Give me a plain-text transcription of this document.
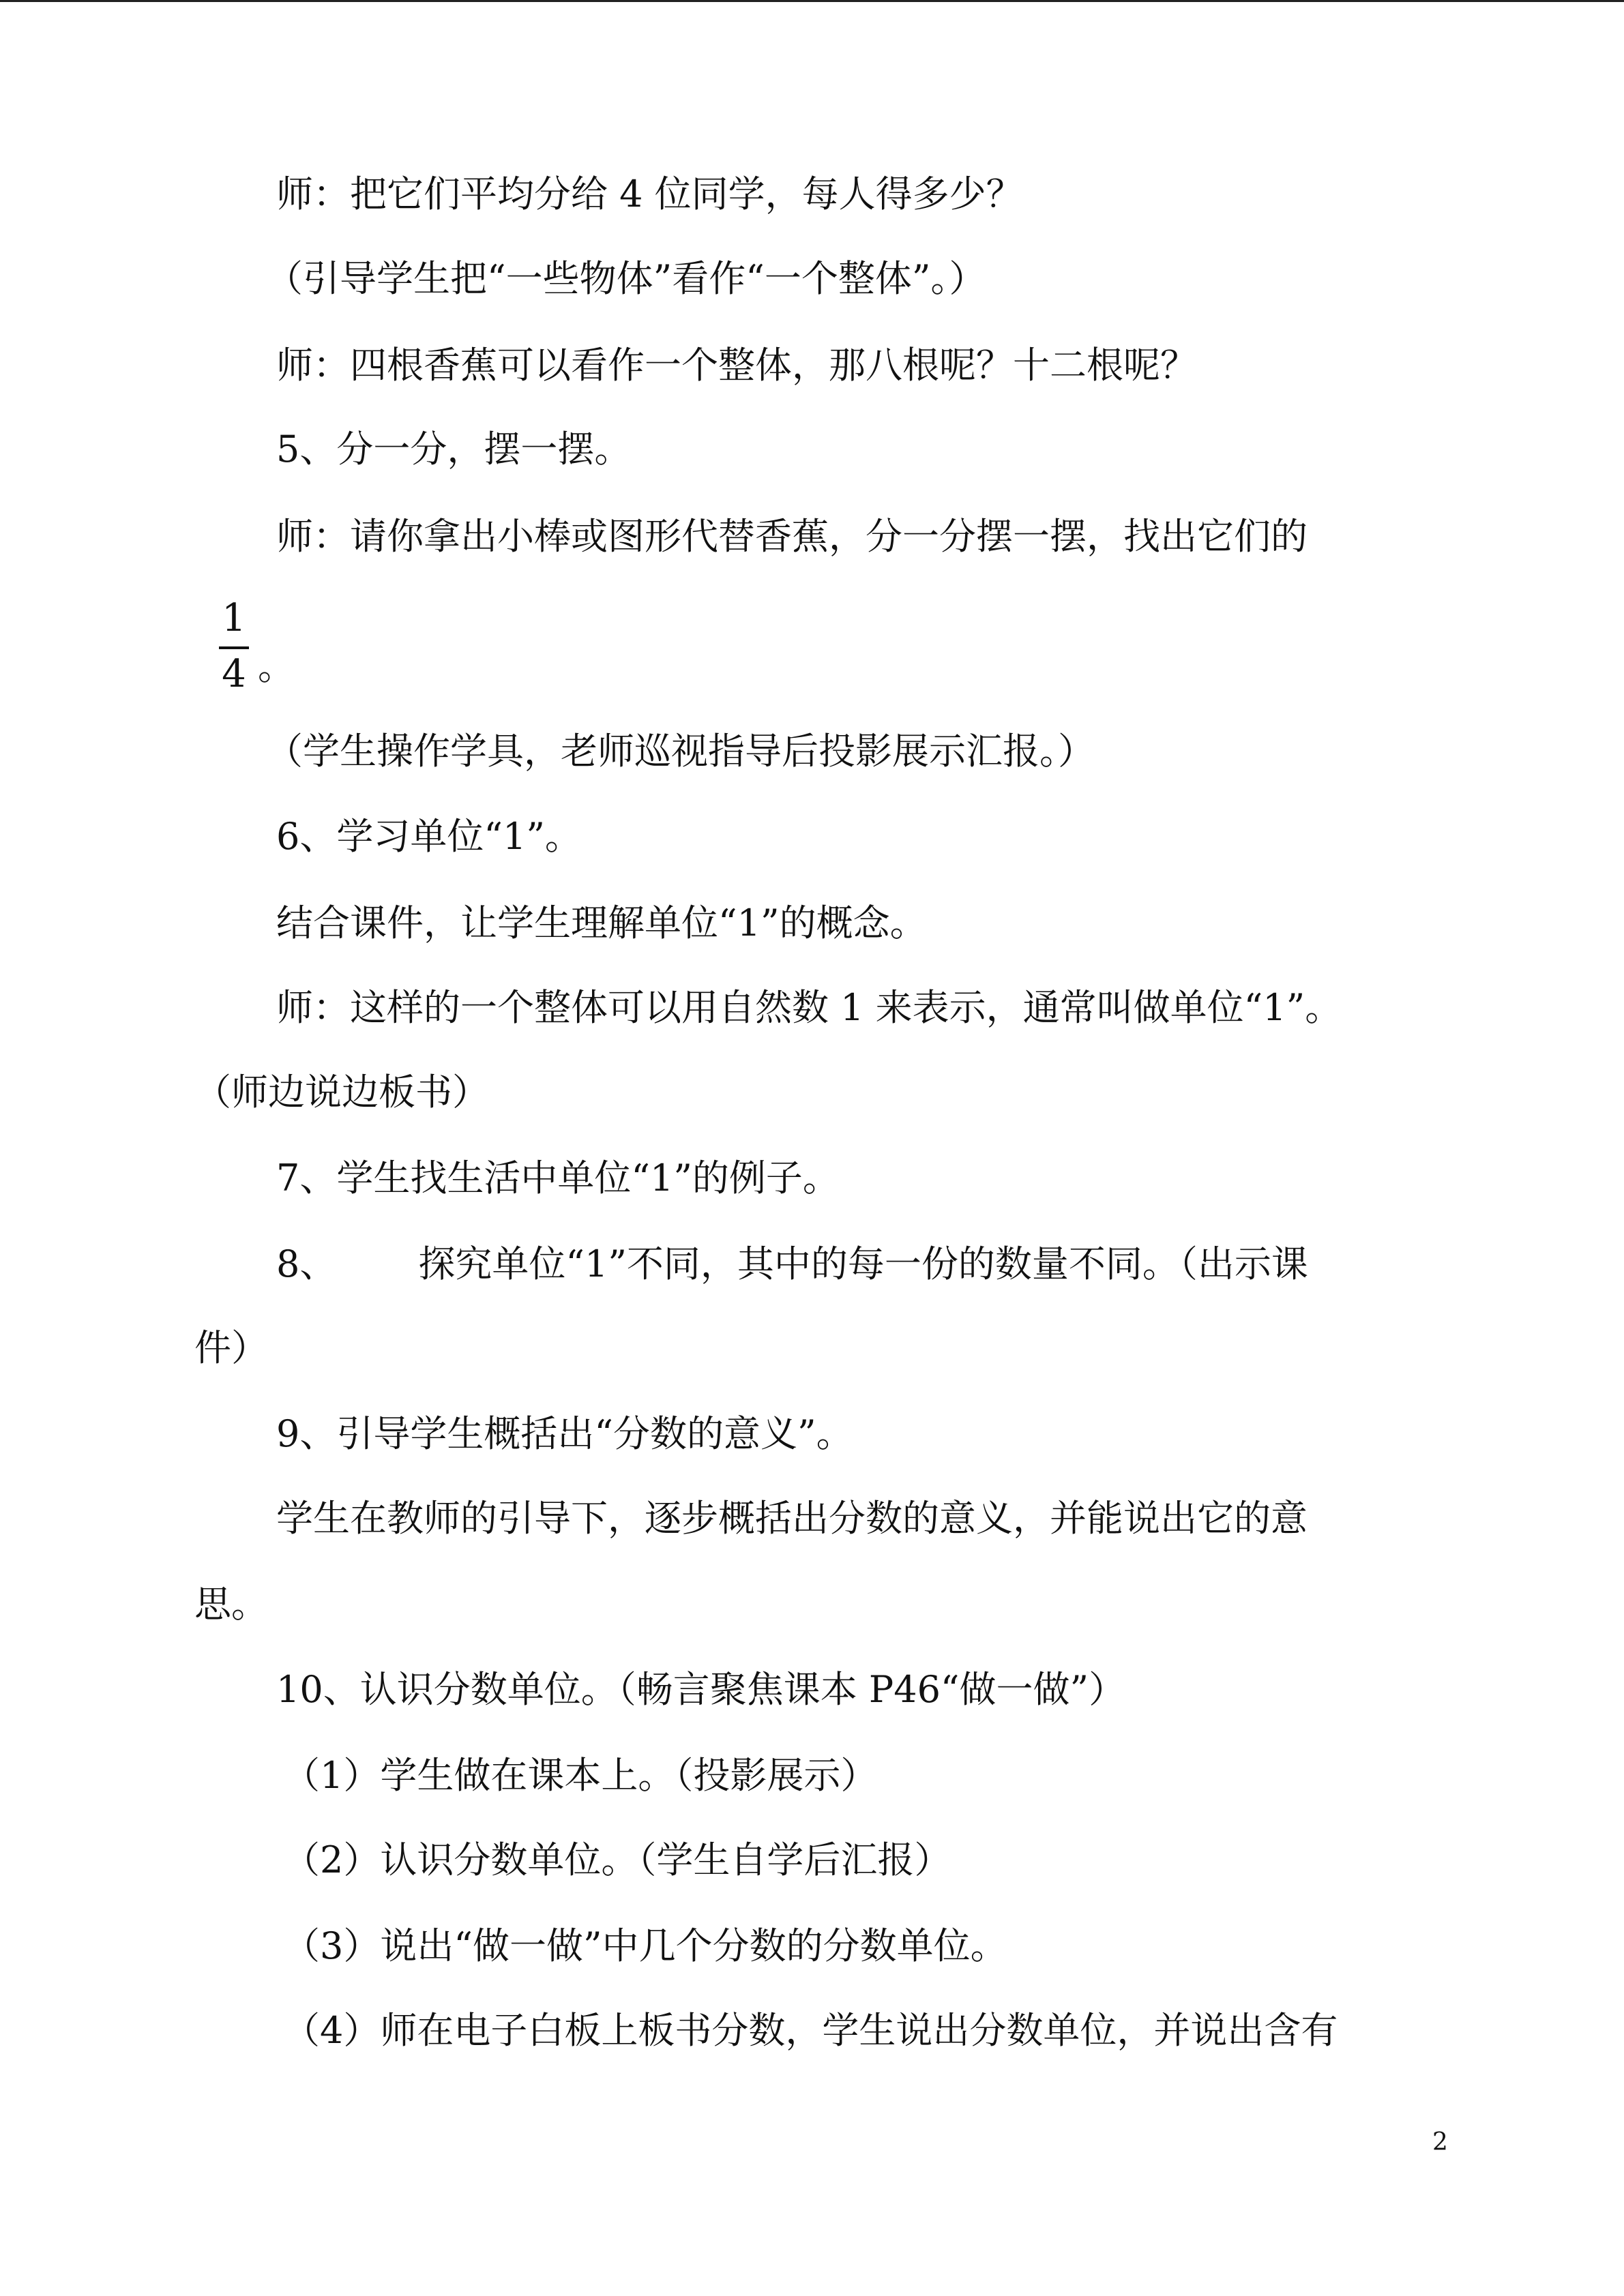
师：把它们平均分给 4 位同学，每人得多少？
（引导学生把“一些物体”看作“一个整体”。）
师：四根香蕉可以看作一个整体，那八根呢？十二根呢？
5、分一分，摆一摆。
师：请你拿出小棒或图形代替香蕉，分一分摆一摆，找出它们的
1
4 。
（学生操作学具，老师巡视指导后投影展示汇报。）
6、学习单位“1”。
结合课件，让学生理解单位“1”的概念。
师：这样的一个整体可以用自然数 1 来表示，通常叫做单位“1”。
（师边说边板书）
7、学生找生活中单位“1”的例子。
8、 探究单位“1”不同，其中的每一份的数量不同。（出示课
件）
9、引导学生概括出“分数的意义”。
学生在教师的引导下，逐步概括出分数的意义，并能说出它的意
思。
10、认识分数单位。（畅言聚焦课本 P46“做一做”）
（1）学生做在课本上。（投影展示）
（2）认识分数单位。（学生自学后汇报）
（3）说出“做一做”中几个分数的分数单位。
（4）师在电子白板上板书分数，学生说出分数单位，并说出含有
2
